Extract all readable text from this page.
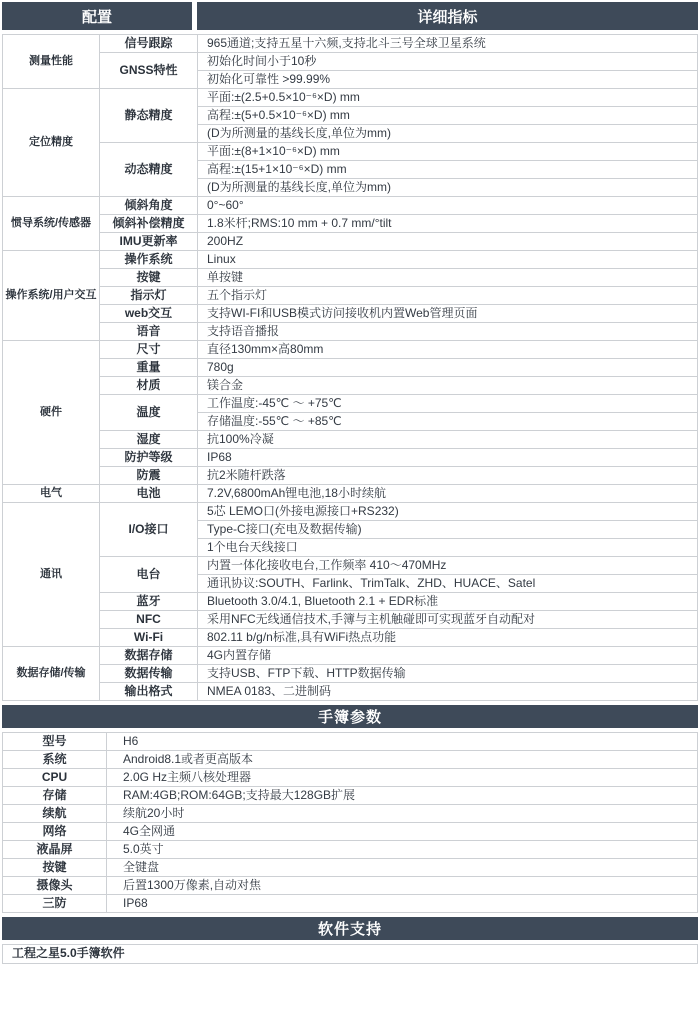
配置	详细指标
测量性能	信号跟踪	965通道;支持五星十六频,支持北斗三号全球卫星系统
	GNSS特性	初始化时间小于10秒
		初始化可靠性 >99.99%
定位精度	静态精度	平面:±(2.5+0.5×10⁻⁶×D) mm
		高程:±(5+0.5×10⁻⁶×D) mm
		(D为所测量的基线长度,单位为mm)
	动态精度	平面:±(8+1×10⁻⁶×D) mm
		高程:±(15+1×10⁻⁶×D) mm
		(D为所测量的基线长度,单位为mm)
惯导系统/传感器	倾斜角度	0°~60°
	倾斜补偿精度	1.8米杆;RMS:10 mm + 0.7 mm/°tilt
	IMU更新率	200HZ
操作系统/用户交互	操作系统	Linux
	按键	单按键
	指示灯	五个指示灯
	web交互	支持WI-FI和USB模式访问接收机内置Web管理页面
	语音	支持语音播报
硬件	尺寸	直径130mm×高80mm
	重量	780g
	材质	镁合金
	温度	工作温度:-45℃ ～ +75℃
		存储温度:-55℃ ～ +85℃
	湿度	抗100%冷凝
	防护等级	IP68
	防震	抗2米随杆跌落
电气	电池	7.2V,6800mAh锂电池,18小时续航
通讯	I/O接口	5芯 LEMO口(外接电源接口+RS232)
		Type-C接口(充电及数据传输)
		1个电台天线接口
	电台	内置一体化接收电台,工作频率 410～470MHz
		通讯协议:SOUTH、Farlink、TrimTalk、ZHD、HUACE、Satel
	蓝牙	Bluetooth 3.0/4.1, Bluetooth 2.1 + EDR标准
	NFC	采用NFC无线通信技术,手簿与主机触碰即可实现蓝牙自动配对
	Wi-Fi	802.11 b/g/n标准,具有WiFi热点功能
数据存储/传输	数据存储	4G内置存储
	数据传输	支持USB、FTP下载、HTTP数据传输
	输出格式	NMEA 0183、二进制码
手簿参数
型号	H6
系统	Android8.1或者更高版本
CPU	2.0G Hz主频八核处理器
存储	RAM:4GB;ROM:64GB;支持最大128GB扩展
续航	续航20小时
网络	4G全网通
液晶屏	5.0英寸
按键	全键盘
摄像头	后置1300万像素,自动对焦
三防	IP68
软件支持
工程之星5.0手簿软件
